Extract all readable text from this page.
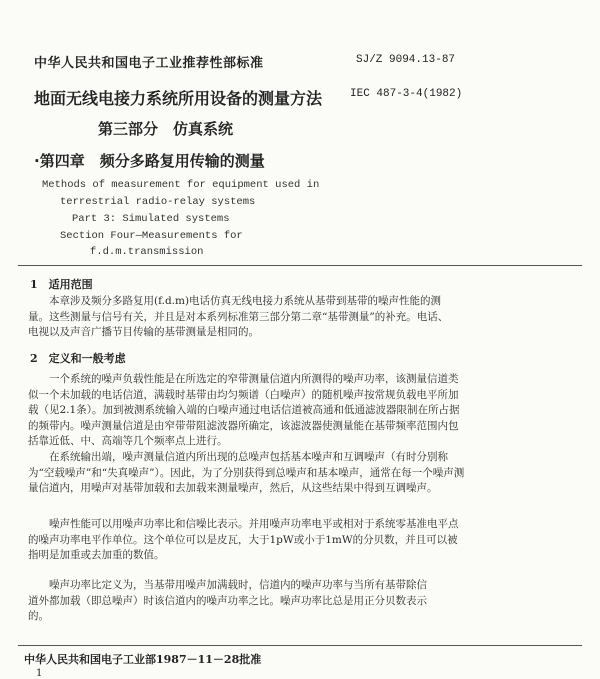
中华人民共和国电子工业推荐性部标准	SJ/Z 9094.13-87
地面无线电接力系统所用设备的测量方法	IEC 487-3-4(1982)
第三部分　仿真系统
·第四章　频分多路复用传输的测量
Methods of measurement for equipment used in
terrestrial radio-relay systems
Part 3: Simulated systems
Section Four—Measurements for
f.d.m.transmission
1　适用范围
本章涉及频分多路复用(f.d.m)电话仿真无线电接力系统从基带到基带的噪声性能的测量。这些测量与信号有关，并且是对本系列标准第三部分第二章“基带测量”的补充。电话、电视以及声音广播节目传输的基带测量是相同的。
2　定义和一般考虑
一个系统的噪声负载性能是在所选定的窄带测量信道内所测得的噪声功率，该测量信道类似一个未加载的电话信道，满载时基带由均匀频谱（白噪声）的随机噪声按常规负载电平所加载（见2.1条）。加到被测系统输入端的白噪声通过电话信道被高通和低通滤波器限制在所占据的频带内。噪声测量信道是由窄带带阻滤波器所确定，该滤波器使测量能在基带频率范围内包括靠近低、中、高端等几个频率点上进行。
在系统输出端，噪声测量信道内所出现的总噪声包括基本噪声和互调噪声（有时分别称为“空载噪声”和“失真噪声”）。因此，为了分别获得到总噪声和基本噪声，通常在每一个噪声测量信道内，用噪声对基带加载和去加载来测量噪声，然后，从这些结果中得到互调噪声。
噪声性能可以用噪声功率比和信噪比表示。并用噪声功率电平或相对于系统零基准电平点的噪声功率电平作单位。这个单位可以是皮瓦，大于1pW或小于1mW的分贝数，并且可以被指明是加重或去加重的数值。
噪声功率比定义为，当基带用噪声加满载时，信道内的噪声功率与当所有基带除信道外都加载（即总噪声）时该信道内的噪声功率之比。噪声功率比总是用正分贝数表示的。
中华人民共和国电子工业部1987－11－28批准
1
